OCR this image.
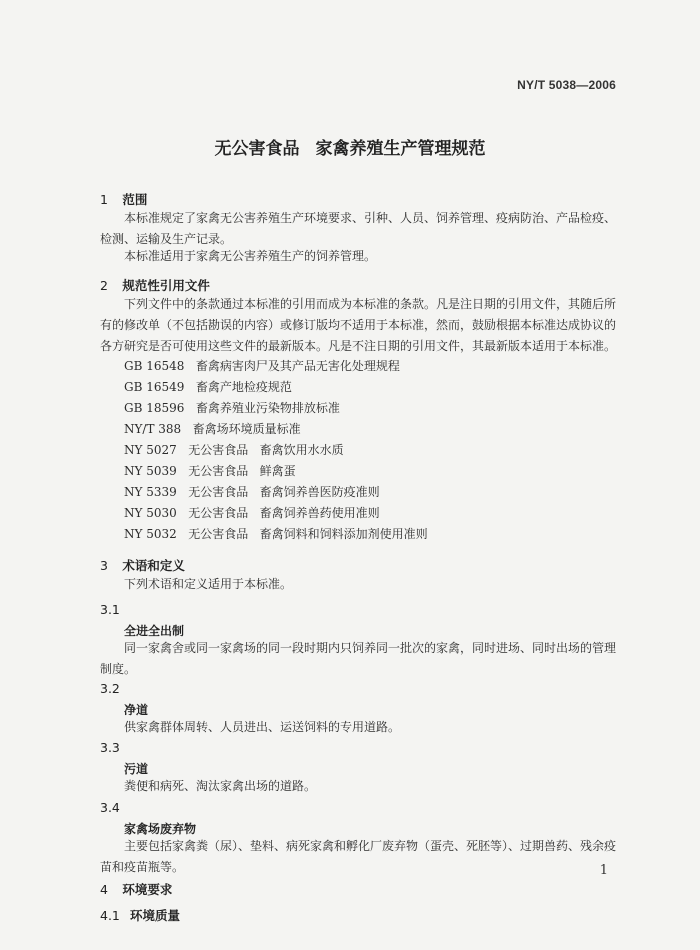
NY/T 5038—2006
无公害食品 家禽养殖生产管理规范
1 范围
本标准规定了家禽无公害养殖生产环境要求、引种、人员、饲养管理、疫病防治、产品检疫、检测、运输及生产记录。
本标准适用于家禽无公害养殖生产的饲养管理。
2 规范性引用文件
下列文件中的条款通过本标准的引用而成为本标准的条款。凡是注日期的引用文件，其随后所有的修改单（不包括勘误的内容）或修订版均不适用于本标准，然而，鼓励根据本标准达成协议的各方研究是否可使用这些文件的最新版本。凡是不注日期的引用文件，其最新版本适用于本标准。
GB 16548   畜禽病害肉尸及其产品无害化处理规程
GB 16549   畜禽产地检疫规范
GB 18596   畜禽养殖业污染物排放标准
NY/T 388   畜禽场环境质量标准
NY 5027   无公害食品   畜禽饮用水水质
NY 5039   无公害食品   鲜禽蛋
NY 5339   无公害食品   畜禽饲养兽医防疫准则
NY 5030   无公害食品   畜禽饲养兽药使用准则
NY 5032   无公害食品   畜禽饲料和饲料添加剂使用准则
3 术语和定义
下列术语和定义适用于本标准。
3.1
全进全出制
同一家禽舍或同一家禽场的同一段时期内只饲养同一批次的家禽，同时进场、同时出场的管理制度。
3.2
净道
供家禽群体周转、人员进出、运送饲料的专用道路。
3.3
污道
粪便和病死、淘汰家禽出场的道路。
3.4
家禽场废弃物
主要包括家禽粪（尿）、垫料、病死家禽和孵化厂废弃物（蛋壳、死胚等）、过期兽药、残余疫苗和疫苗瓶等。
4 环境要求
4.1 环境质量
1
